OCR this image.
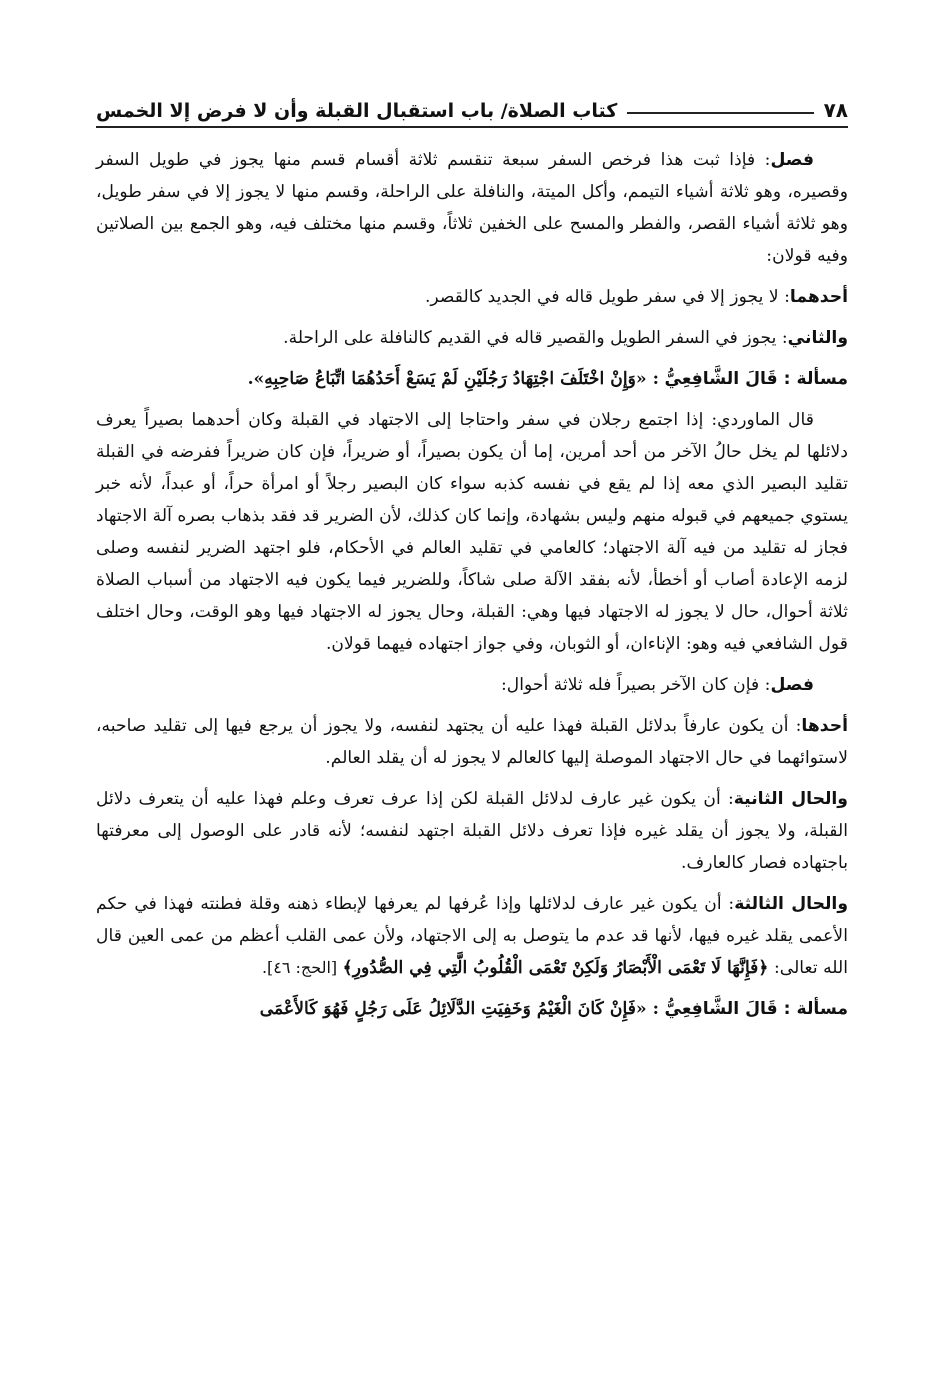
٧٨
كتاب الصلاة/ باب استقبال القبلة وأن لا فرض إلا الخمس

فصل: فإذا ثبت هذا فرخص السفر سبعة تنقسم ثلاثة أقسام قسم منها يجوز في طويل السفر وقصيره، وهو ثلاثة أشياء التيمم، وأكل الميتة، والنافلة على الراحلة، وقسم منها لا يجوز إلا في سفر طويل، وهو ثلاثة أشياء القصر، والفطر والمسح على الخفين ثلاثاً، وقسم منها مختلف فيه، وهو الجمع بين الصلاتين وفيه قولان:

أحدهما: لا يجوز إلا في سفر طويل قاله في الجديد كالقصر.

والثاني: يجوز في السفر الطويل والقصير قاله في القديم كالنافلة على الراحلة.

مسألة : قَالَ الشَّافِعِيُّ : «وَإِنْ اخْتَلَفَ اجْتِهَادُ رَجُلَيْنِ لَمْ يَسَعْ أَحَدُهُمَا اتِّبَاعُ صَاحِبِهِ».

قال الماوردي: إذا اجتمع رجلان في سفر واحتاجا إلى الاجتهاد في القبلة وكان أحدهما بصيراً يعرف دلائلها لم يخل حالُ الآخر من أحد أمرين، إما أن يكون بصيراً، أو ضريراً، فإن كان ضريراً ففرضه في القبلة تقليد البصير الذي معه إذا لم يقع في نفسه كذبه سواء كان البصير رجلاً أو امرأة حراً، أو عبداً، لأنه خبر يستوي جميعهم في قبوله منهم وليس بشهادة، وإنما كان كذلك، لأن الضرير قد فقد بذهاب بصره آلة الاجتهاد فجاز له تقليد من فيه آلة الاجتهاد؛ كالعامي في تقليد العالم في الأحكام، فلو اجتهد الضرير لنفسه وصلى لزمه الإعادة أصاب أو أخطأ، لأنه بفقد الآلة صلى شاكاً، وللضرير فيما يكون فيه الاجتهاد من أسباب الصلاة ثلاثة أحوال، حال لا يجوز له الاجتهاد فيها وهي: القبلة، وحال يجوز له الاجتهاد فيها وهو الوقت، وحال اختلف قول الشافعي فيه وهو: الإناءان، أو الثوبان، وفي جواز اجتهاده فيهما قولان.

فصل: فإن كان الآخر بصيراً فله ثلاثة أحوال:

أحدها: أن يكون عارفاً بدلائل القبلة فهذا عليه أن يجتهد لنفسه، ولا يجوز أن يرجع فيها إلى تقليد صاحبه، لاستوائهما في حال الاجتهاد الموصلة إليها كالعالم لا يجوز له أن يقلد العالم.

والحال الثانية: أن يكون غير عارف لدلائل القبلة لكن إذا عرف تعرف وعلم فهذا عليه أن يتعرف دلائل القبلة، ولا يجوز أن يقلد غيره فإذا تعرف دلائل القبلة اجتهد لنفسه؛ لأنه قادر على الوصول إلى معرفتها باجتهاده فصار كالعارف.

والحال الثالثة: أن يكون غير عارف لدلائلها وإذا عُرفها لم يعرفها لإبطاء ذهنه وقلة فطنته فهذا في حكم الأعمى يقلد غيره فيها، لأنها قد عدم ما يتوصل به إلى الاجتهاد، ولأن عمى القلب أعظم من عمى العين قال الله تعالى: ﴿فَإِنَّهَا لَا تَعْمَى الْأَبْصَارُ وَلَكِنْ تَعْمَى الْقُلُوبُ الَّتِي فِي الصُّدُورِ﴾ [الحج: ٤٦].

مسألة : قَالَ الشَّافِعِيُّ : «فَإِنْ كَانَ الْغَيْمُ وَخَفِيَتِ الدَّلَائِلُ عَلَى رَجُلٍ فَهُوَ كَالأَعْمَى
